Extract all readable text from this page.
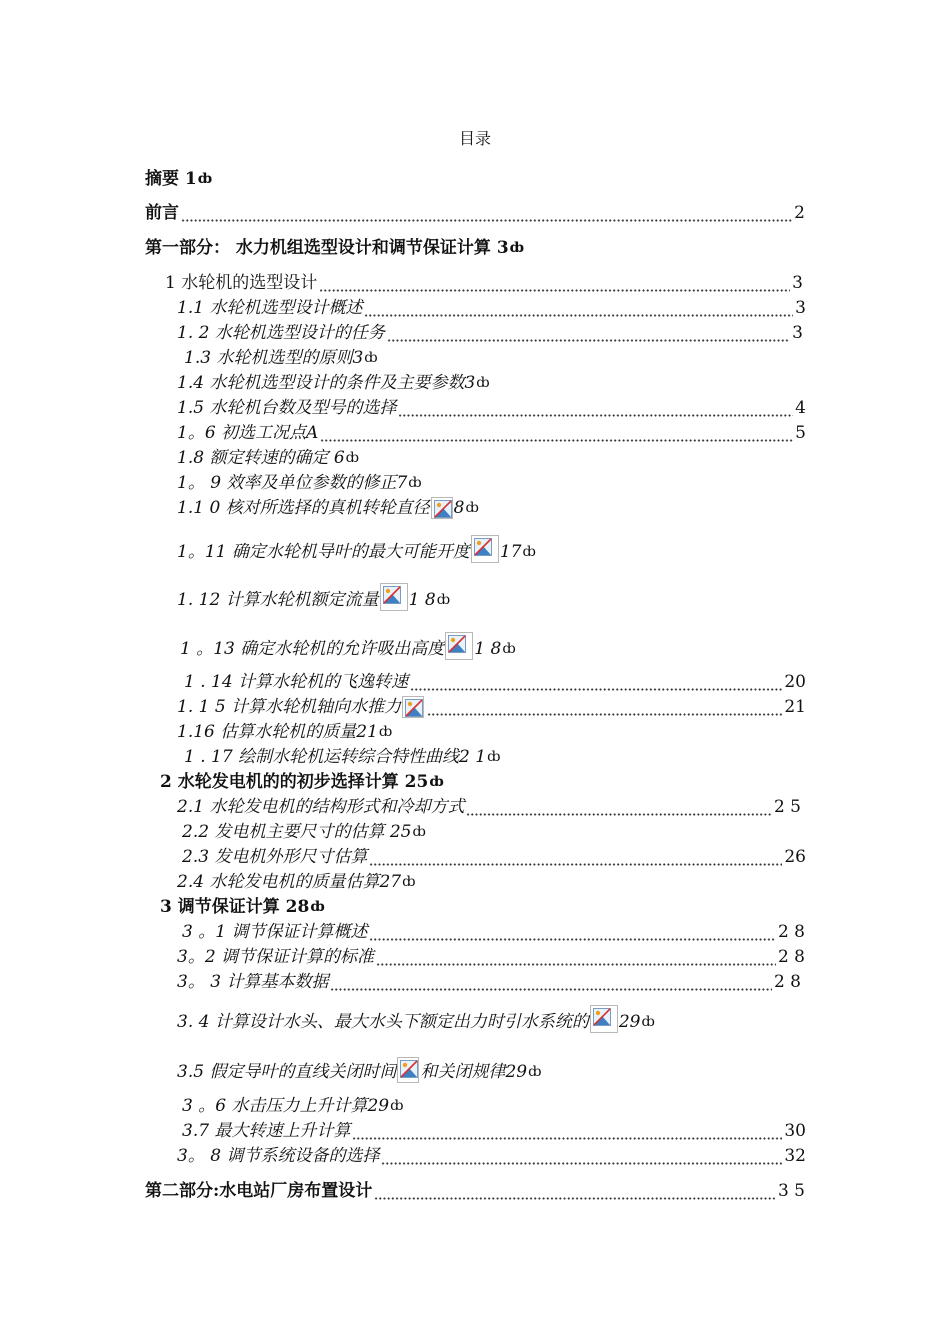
目录
摘要 1 ȸ
前言	2
第一部分： 水力机组选型设计和调节保证计算 3 ȸ
1 水轮机的选型设计	3
1.1 水轮机选型设计概述	3
1. 2 水轮机选型设计的任务	3
1.3 水轮机选型的原则3 ȸ
1.4 水轮机选型设计的条件及主要参数3 ȸ
1.5 水轮机台数及型号的选择	4
1。6 初选工况点A	5
1.8 额定转速的确定 6 ȸ
1。 9 效率及单位参数的修正7 ȸ
1.1 0 核对所选择的真机转轮直径 8 ȸ
1。11 确定水轮机导叶的最大可能开度 17 ȸ
1. 12 计算水轮机额定流量 1 8 ȸ
1 。13 确定水轮机的允许吸出高度 1 8 ȸ
1 . 14 计算水轮机的飞逸转速	20
1. 1 5 计算水轮机轴向水推力	21
1.16 估算水轮机的质量21 ȸ
1 . 17 绘制水轮机运转综合特性曲线2 1 ȸ
2 水轮发电机的的初步选择计算 25 ȸ
2.1 水轮发电机的结构形式和冷却方式	2 5
2.2 发电机主要尺寸的估算 25 ȸ
2.3 发电机外形尺寸估算	26
2.4 水轮发电机的质量估算27 ȸ
3 调节保证计算 28 ȸ
3 。1 调节保证计算概述	2 8
3。2 调节保证计算的标准	2 8
3。 3 计算基本数据	2 8
3. 4 计算设计水头、最大水头下额定出力时引水系统的 29 ȸ
3.5 假定导叶的直线关闭时间 和关闭规律29 ȸ
3 。6 水击压力上升计算29 ȸ
3.7 最大转速上升计算	30
3。 8 调节系统设备的选择	32
第二部分:水电站厂房布置设计	3 5
